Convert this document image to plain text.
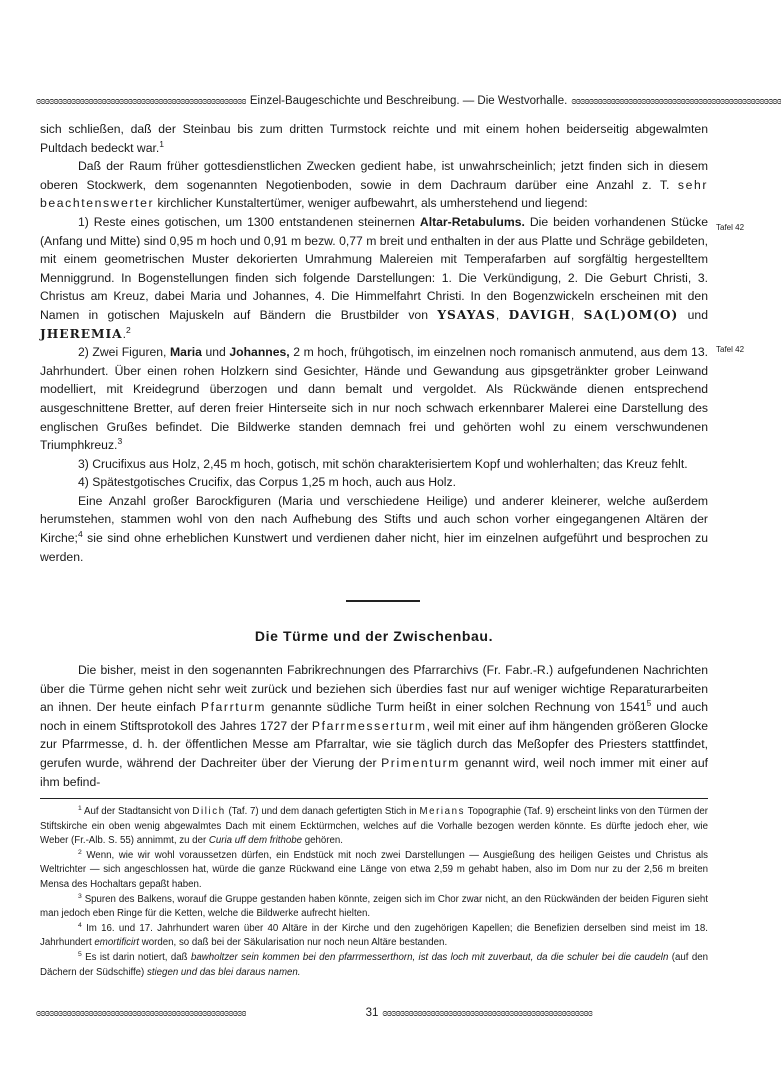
ɞɞɞɞɞɞɞɞɞɞɞɞɞɞɞɞɞɞɞɞɞɞɞɞɞɞɞɞɞɞɞɞɞɞɞɞɞɞɞɞɞɞɞɞɞɞɞɞ Einzel-Baugeschichte und Beschreibung. — Die Westvorhalle. ɞɞɞɞɞɞɞɞɞɞɞɞɞɞɞɞɞɞɞɞɞɞɞɞɞɞɞɞɞɞɞɞɞɞɞɞɞɞɞɞɞɞɞɞɞɞɞɞ

sich schließen, daß der Steinbau bis zum dritten Turmstock reichte und mit einem hohen beiderseitig abgewalmten Pultdach bedeckt war.$^1$

Daß der Raum früher gottesdienstlichen Zwecken gedient habe, ist unwahrscheinlich; jetzt finden sich in diesem oberen Stockwerk, dem sogenannten Negotienboden, sowie in dem Dachraum darüber eine Anzahl z. T. sehr beachtenswerter kirchlicher Kunstaltertümer, weniger aufbewahrt, als umherstehend und liegend:

1) Reste eines gotischen, um 1300 entstandenen steinernen Altar-Retabulums. Die beiden vorhandenen Stücke (Anfang und Mitte) sind 0,95 m hoch und 0,91 m bezw. 0,77 m breit und enthalten in der aus Platte und Schräge gebildeten, mit einem geometrischen Muster dekorierten Umrahmung Malereien mit Temperafarben auf sorgfältig hergestelltem Menniggrund. In Bogenstellungen finden sich folgende Darstellungen: 1. Die Verkündigung, 2. Die Geburt Christi, 3. Christus am Kreuz, dabei Maria und Johannes, 4. Die Himmelfahrt Christi. In den Bogenzwickeln erscheinen mit den Namen in gotischen Majuskeln auf Bändern die Brustbilder von YSAYAS, DAVIGH, SA(L)OM(O) und JHEREMIA.$^2$

2) Zwei Figuren, Maria und Johannes, 2 m hoch, frühgotisch, im einzelnen noch romanisch anmutend, aus dem 13. Jahrhundert. Über einen rohen Holzkern sind Gesichter, Hände und Gewandung aus gipsgetränkter grober Leinwand modelliert, mit Kreidegrund überzogen und dann bemalt und vergoldet. Als Rückwände dienen entsprechend ausgeschnittene Bretter, auf deren freier Hinterseite sich in nur noch schwach erkennbarer Malerei eine Darstellung des englischen Grußes befindet. Die Bildwerke standen demnach frei und gehörten wohl zu einem verschwundenen Triumphkreuz.$^3$

3) Crucifixus aus Holz, 2,45 m hoch, gotisch, mit schön charakterisiertem Kopf und wohlerhalten; das Kreuz fehlt.

4) Spätestgotisches Crucifix, das Corpus 1,25 m hoch, auch aus Holz.

Eine Anzahl großer Barockfiguren (Maria und verschiedene Heilige) und anderer kleinerer, welche außerdem herumstehen, stammen wohl von den nach Aufhebung des Stifts und auch schon vorher eingegangenen Altären der Kirche;$^4$ sie sind ohne erheblichen Kunstwert und verdienen daher nicht, hier im einzelnen aufgeführt und besprochen zu werden.

Tafel 42
Tafel 42
Die Türme und der Zwischenbau.

Die bisher, meist in den sogenannten Fabrikrechnungen des Pfarrarchivs (Fr. Fabr.-R.) aufgefundenen Nachrichten über die Türme gehen nicht sehr weit zurück und beziehen sich überdies fast nur auf weniger wichtige Reparaturarbeiten an ihnen. Der heute einfach Pfarrturm genannte südliche Turm heißt in einer solchen Rechnung von 1541$^5$ und auch noch in einem Stiftsprotokoll des Jahres 1727 der Pfarrmesserturm, weil mit einer auf ihm hängenden größeren Glocke zur Pfarrmesse, d. h. der öffentlichen Messe am Pfarraltar, wie sie täglich durch das Meßopfer des Priesters stattfindet, gerufen wurde, während der Dachreiter über der Vierung der Primenturm genannt wird, weil noch immer mit einer auf ihm befind-

$^1$ Auf der Stadtansicht von Dilich (Taf. 7) und dem danach gefertigten Stich in Merians Topographie (Taf. 9) erscheint links von den Türmen der Stiftskirche ein oben wenig abgewalmtes Dach mit einem Ecktürmchen, welches auf die Vorhalle bezogen werden könnte. Es dürfte jedoch eher, wie Weber (Fr.-Alb. S. 55) annimmt, zu der Curia uff dem frithobe gehören.

$^2$ Wenn, wie wir wohl voraussetzen dürfen, ein Endstück mit noch zwei Darstellungen — Ausgießung des heiligen Geistes und Christus als Weltrichter — sich angeschlossen hat, würde die ganze Rückwand eine Länge von etwa 2,59 m gehabt haben, also im Dom nur zu der 2,56 m breiten Mensa des Hochaltars gepaßt haben.

$^3$ Spuren des Balkens, worauf die Gruppe gestanden haben könnte, zeigen sich im Chor zwar nicht, an den Rückwänden der beiden Figuren sieht man jedoch eben Ringe für die Ketten, welche die Bildwerke aufrecht hielten.

$^4$ Im 16. und 17. Jahrhundert waren über 40 Altäre in der Kirche und den zugehörigen Kapellen; die Benefizien derselben sind meist im 18. Jahrhundert emortificirt worden, so daß bei der Säkularisation nur noch neun Altäre bestanden.

$^5$ Es ist darin notiert, daß bawholtzer sein kommen bei den pfarrmesserthorn, ist das loch mit zuverbaut, da die schuler bei die caudeln (auf den Dächern der Südschiffe) stiegen und das blei daraus namen.

ɞɞɞɞɞɞɞɞɞɞɞɞɞɞɞɞɞɞɞɞɞɞɞɞɞɞɞɞɞɞɞɞɞɞɞɞɞɞɞɞɞɞɞɞɞɞɞɞ	31 ɞɞɞɞɞɞɞɞɞɞɞɞɞɞɞɞɞɞɞɞɞɞɞɞɞɞɞɞɞɞɞɞɞɞɞɞɞɞɞɞɞɞɞɞɞɞɞɞ
